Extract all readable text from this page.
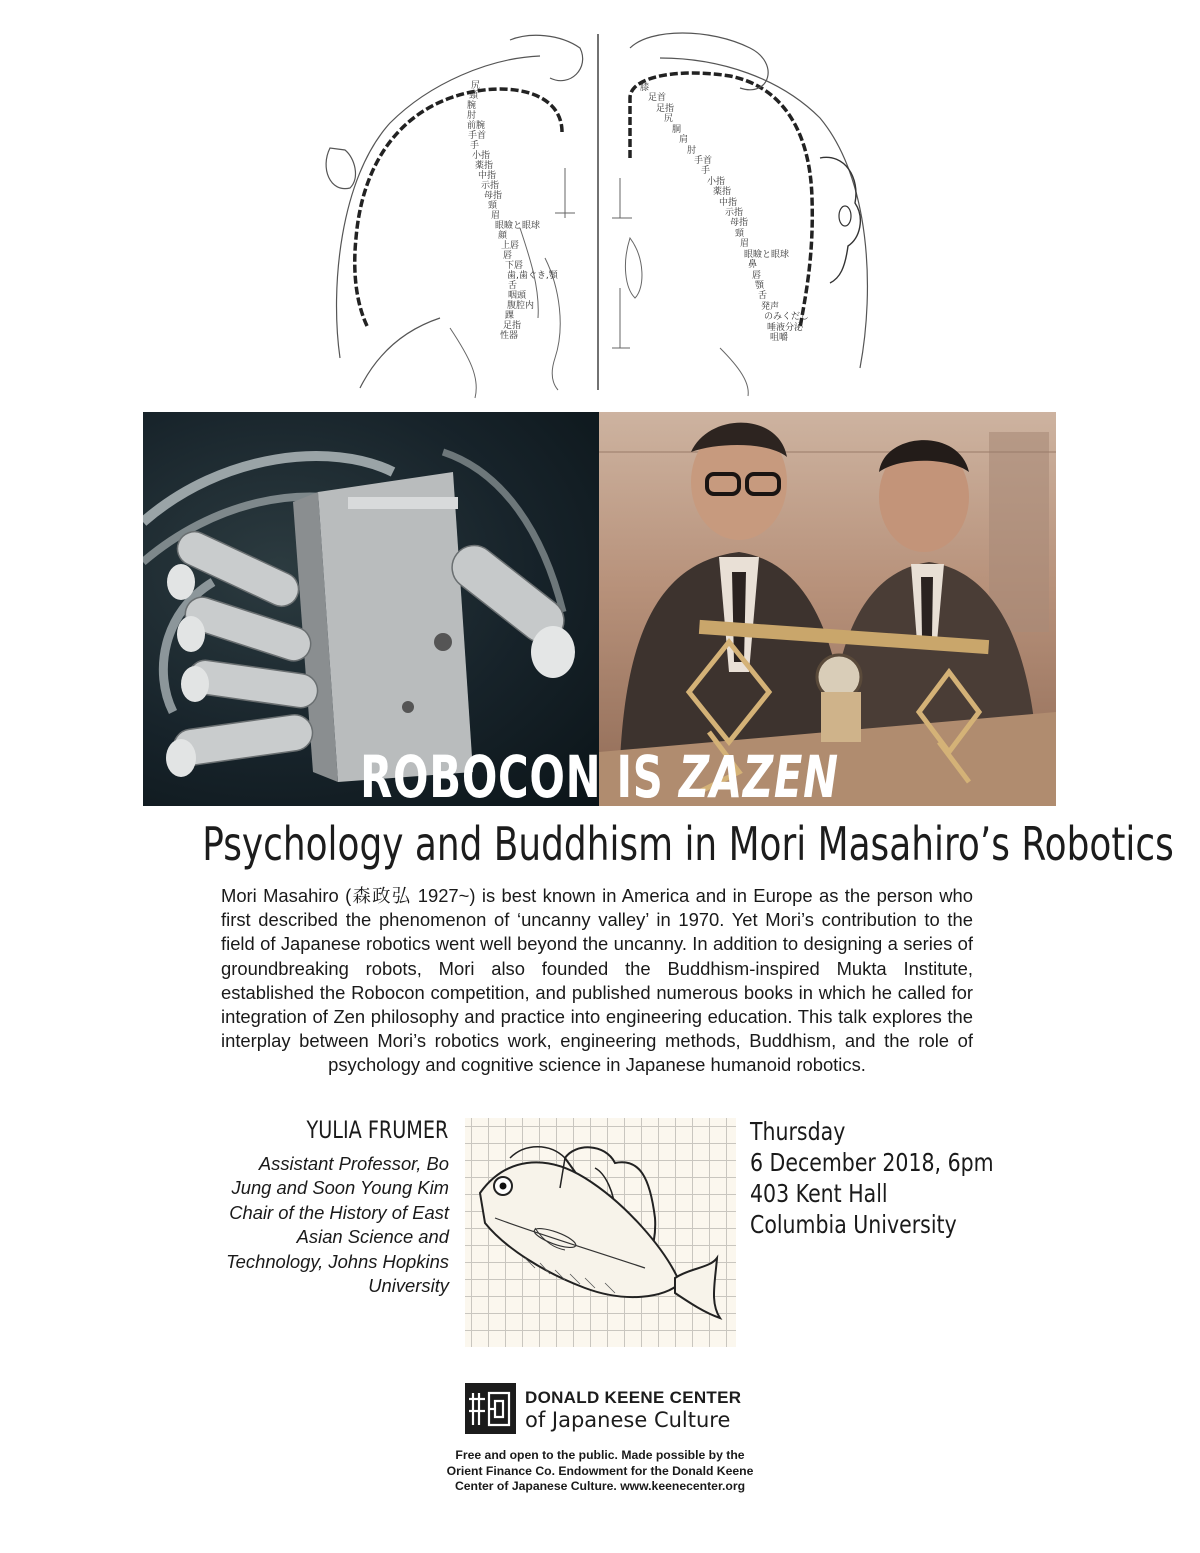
尻
頸
腕
肘
前腕
手首
手
小指
薬指
中指
示指
母指
頸
眉
眼瞼と眼球
顔
上唇
唇
下唇
歯,歯ぐき,顎
舌
咽頭
腹腔内
踝
足指
性器
膝
足首
足指
尻
胴
肩
肘
手首
手
小指
薬指
中指
示指
母指
頸
眉
眼瞼と眼球
鼻
唇
顎
舌
発声
のみくだし
唾液分泌
咀嚼
ROBOCON IS ZAZEN
Psychology and Buddhism in Mori Masahiro’s Robotics
Mori Masahiro (森政弘 1927~) is best known in America and in Europe as the person who first described the phenomenon of ‘uncanny valley’ in 1970. Yet Mori’s contribution to the field of Japanese robotics went well beyond the uncanny. In addition to designing a series of groundbreaking robots, Mori also founded the Buddhism-inspired Mukta Institute, established the Robocon competition, and published numerous books in which he called for integration of Zen philosophy and practice into engineering education. This talk explores the interplay between Mori’s robotics work, engineering methods, Buddhism, and the role of psychology and cognitive science in Japanese humanoid robotics.
YULIA FRUMER
Assistant Professor, Bo Jung and Soon Young Kim Chair of the History of East Asian Science and Technology, Johns Hopkins University
Thursday
6 December 2018, 6pm
403 Kent Hall
Columbia University
DONALD KEENE CENTER
of Japanese Culture
Free and open to the public. Made possible by the Orient Finance Co. Endowment for the Donald Keene Center of Japanese Culture. www.keenecenter.org
